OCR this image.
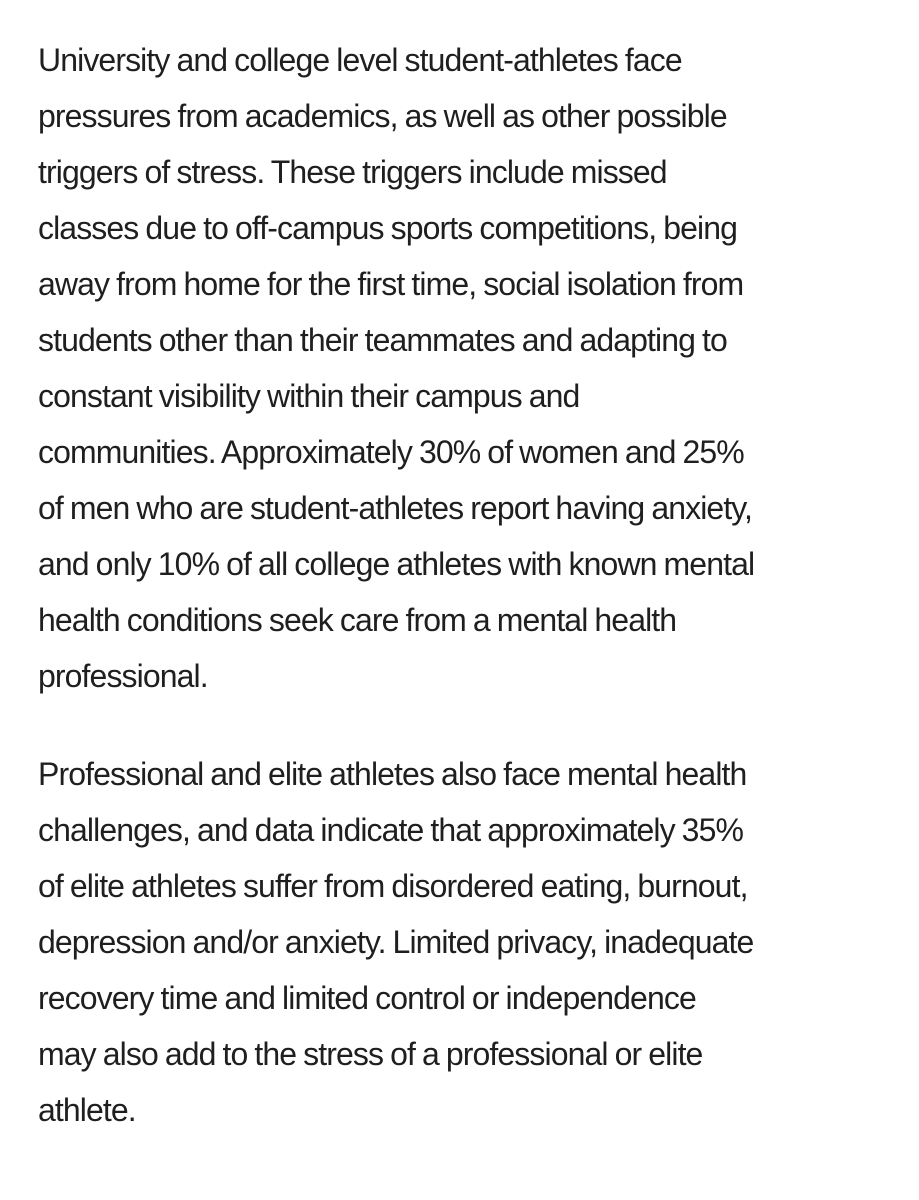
University and college level student-athletes face
pressures from academics, as well as other possible
triggers of stress. These triggers include missed
classes due to off-campus sports competitions, being
away from home for the first time, social isolation from
students other than their teammates and adapting to
constant visibility within their campus and
communities. Approximately 30% of women and 25%
of men who are student-athletes report having anxiety,
and only 10% of all college athletes with known mental
health conditions seek care from a mental health
professional.

Professional and elite athletes also face mental health
challenges, and data indicate that approximately 35%
of elite athletes suffer from disordered eating, burnout,
depression and/or anxiety. Limited privacy, inadequate
recovery time and limited control or independence
may also add to the stress of a professional or elite
athlete.
